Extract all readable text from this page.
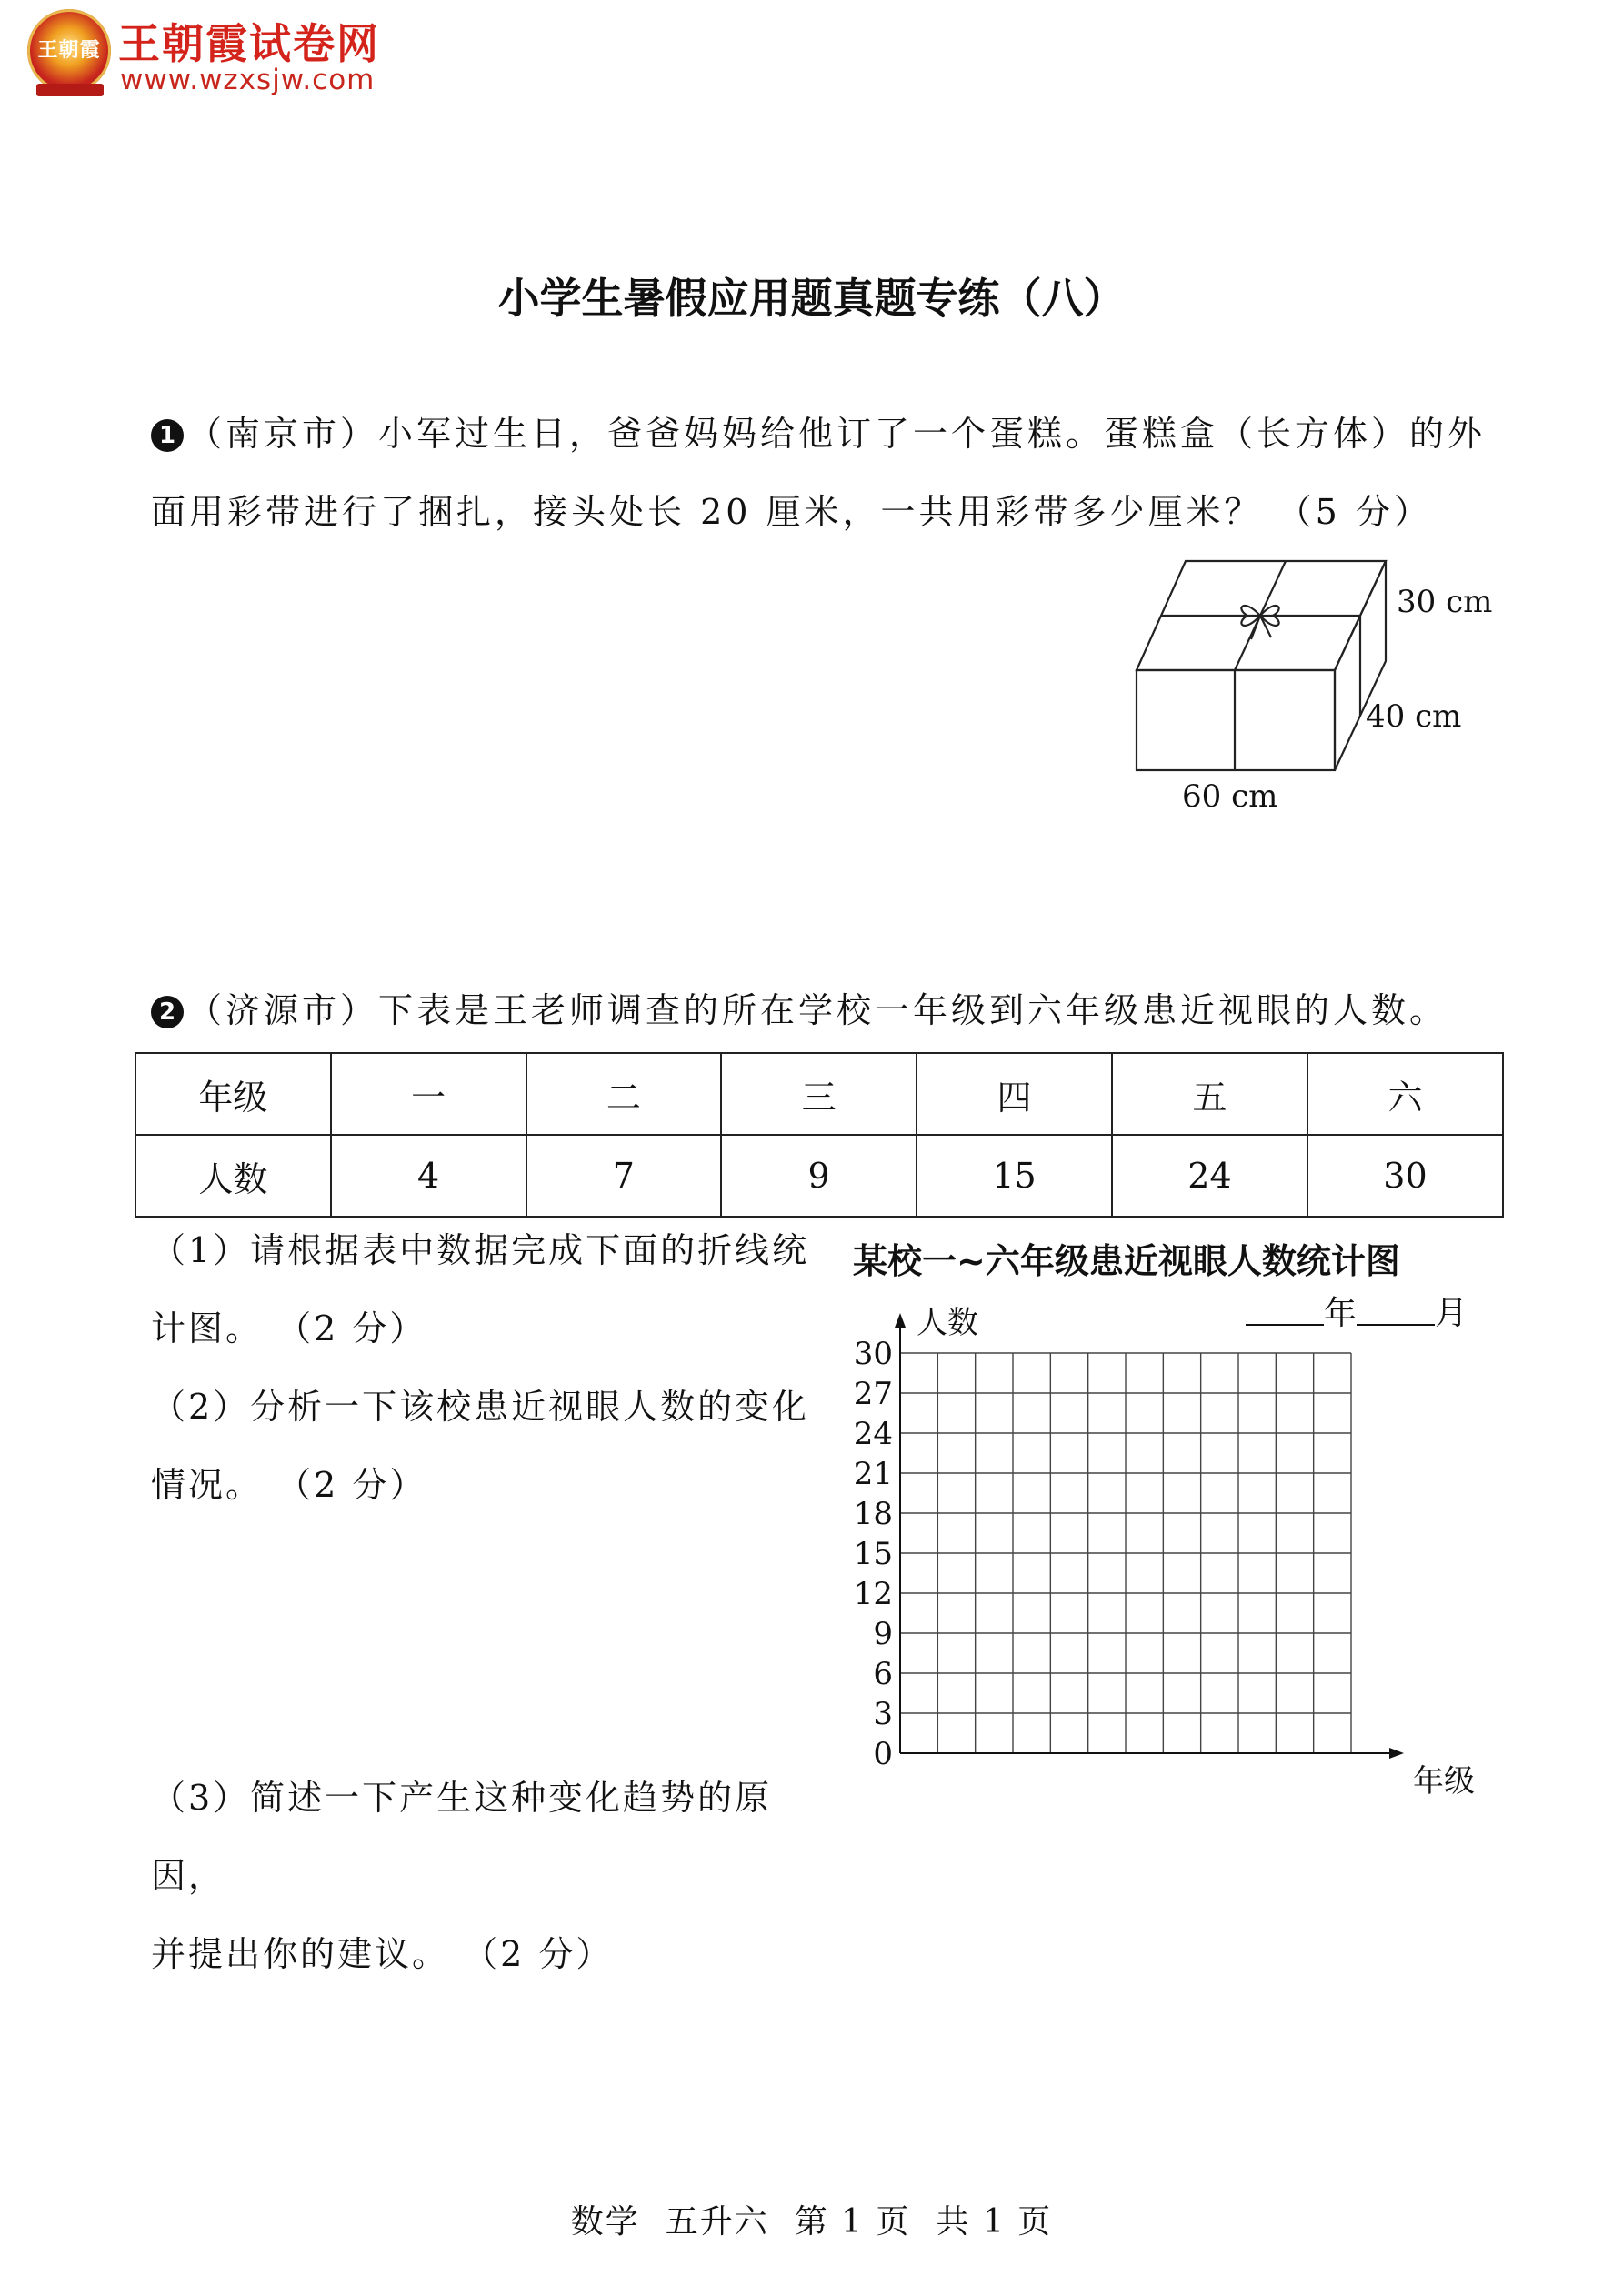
王朝霞 王朝霞试卷网
www.wzxsjw.com
小学生暑假应用题真题专练（八）
1 （南京市）小军过生日，爸爸妈妈给他订了一个蛋糕。蛋糕盒（长方体）的外
面用彩带进行了捆扎，接头处长 20 厘米，一共用彩带多少厘米？ （5 分）
30 cm
40 cm
60 cm
2 （济源市）下表是王老师调查的所在学校一年级到六年级患近视眼的人数。
年级	一	二	三	四	五	六
人数	4	7	9	15	24	30
（1）请根据表中数据完成下面的折线统
计图。 （2 分）
（2）分析一下该校患近视眼人数的变化
情况。 （2 分）
（3）简述一下产生这种变化趋势的原因，
并提出你的建议。 （2 分）
某校一~六年级患近视眼人数统计图
年 月
人数
年级
30
27
24
21
18
15
12
9
6
3
0
数学 五升六 第 1 页 共 1 页
